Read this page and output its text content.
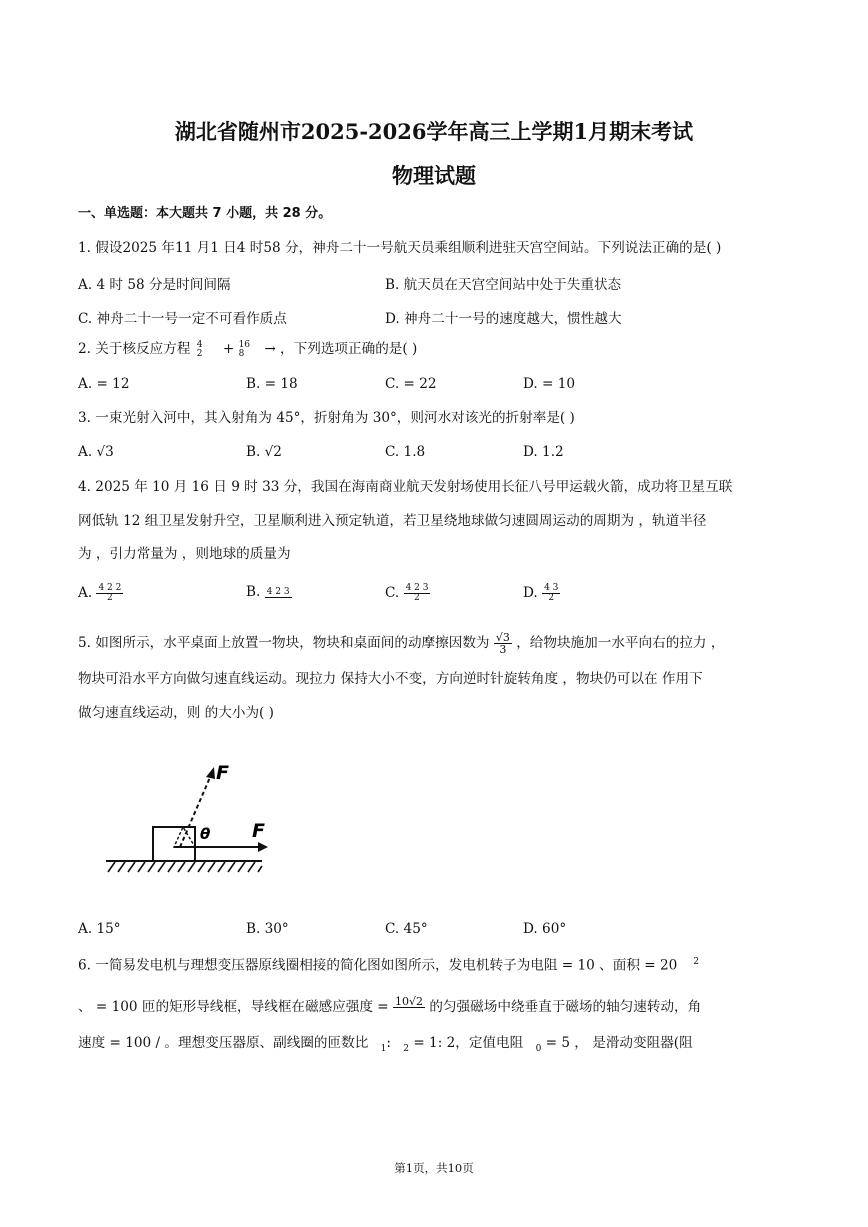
湖北省随州市2025-2026学年高三上学期1月期末考试
物理试题
一、单选题：本大题共 7 小题，共 28 分。
1. 假设2025 年11 月1 日4 时58 分，神舟二十一号航天员乘组顺利进驻天宫空间站。下列说法正确的是( )
A. 4 时 58 分是时间间隔	B. 航天员在天宫空间站中处于失重状态
C. 神舟二十一号一定不可看作质点	D. 神舟二十一号的速度越大，惯性越大
2. 关于核反应方程 4
2 + 16
8	→ ，下列选项正确的是( )
A. = 12	B. = 18	C. = 22	D. = 10
3. 一束光射入河中，其入射角为 45°，折射角为 30°，则河水对该光的折射率是( )
A. √3	B. √2	C. 1.8	D. 1.2
4. 2025 年 10 月 16 日 9 时 33 分，我国在海南商业航天发射场使用长征八号甲运载火箭，成功将卫星互联
网低轨 12 组卫星发射升空，卫星顺利进入预定轨道，若卫星绕地球做匀速圆周运动的周期为 ，轨道半径
为 ，引力常量为 ，则地球的质量为
A. $\frac{4 2 2}{2}$	B. 4 2 3	C. $\frac{4 2 3}{2}$	D. $\frac{4 3}{2}$
5. 如图所示，水平桌面上放置一物块，物块和桌面间的动摩擦因数为 $\frac{√3}{3}$ ，给物块施加一水平向右的拉力 ，
物块可沿水平方向做匀速直线运动。现拉力 保持大小不变，方向逆时针旋转角度 ，物块仍可以在 作用下
做匀速直线运动，则 的大小为( )
F
F
θ
A. 15°	B. 30°	C. 45°	D. 60°
6. 一简易发电机与理想变压器原线圈相接的简化图如图所示，发电机转子为电阻 = 10 、面积 = 20 $^2$
、 = 100 匝的矩形导线框，导线框在磁感应强度 = 10√2
的匀强磁场中绕垂直于磁场的轴匀速转动，角
速度 = 100 / 。理想变压器原、副线圈的匝数比 $_1$: $_2$ = 1: 2，定值电阻 $_0$ = 5 ， 是滑动变阻器(阻
第1页，共10页
